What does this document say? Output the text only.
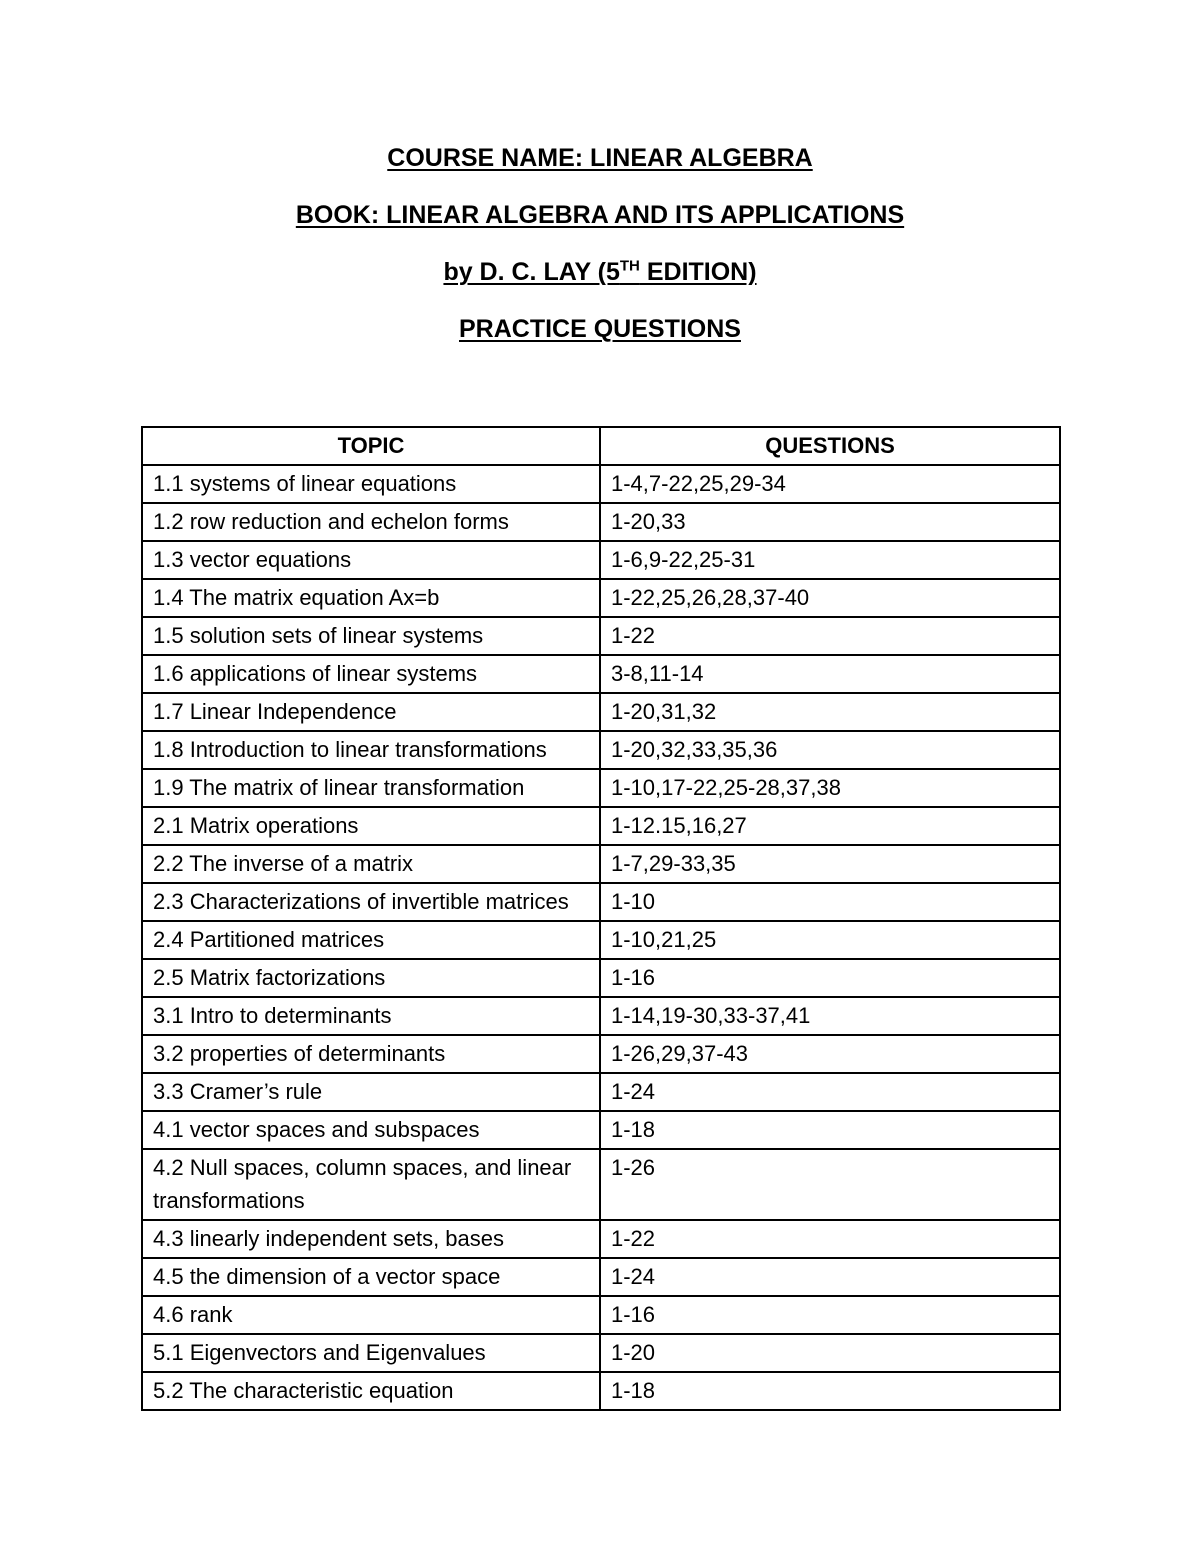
COURSE NAME: LINEAR ALGEBRA

BOOK: LINEAR ALGEBRA AND ITS APPLICATIONS

by D. C. LAY (5TH EDITION)

PRACTICE QUESTIONS

TOPIC	QUESTIONS
1.1 systems of linear equations	1-4,7-22,25,29-34
1.2 row reduction and echelon forms	1-20,33
1.3 vector equations	1-6,9-22,25-31
1.4 The matrix equation Ax=b	1-22,25,26,28,37-40
1.5 solution sets of linear systems	1-22
1.6 applications of linear systems	3-8,11-14
1.7 Linear Independence	1-20,31,32
1.8 Introduction to linear transformations	1-20,32,33,35,36
1.9 The matrix of linear transformation	1-10,17-22,25-28,37,38
2.1 Matrix operations	1-12.15,16,27
2.2 The inverse of a matrix	1-7,29-33,35
2.3 Characterizations of invertible matrices	1-10
2.4 Partitioned matrices	1-10,21,25
2.5 Matrix factorizations	1-16
3.1 Intro to determinants	1-14,19-30,33-37,41
3.2 properties of determinants	1-26,29,37-43
3.3 Cramer’s rule	1-24
4.1 vector spaces and subspaces	1-18
4.2 Null spaces, column spaces, and linear transformations	1-26
4.3 linearly independent sets, bases	1-22
4.5 the dimension of a vector space	1-24
4.6 rank	1-16
5.1 Eigenvectors and Eigenvalues	1-20
5.2 The characteristic equation	1-18
